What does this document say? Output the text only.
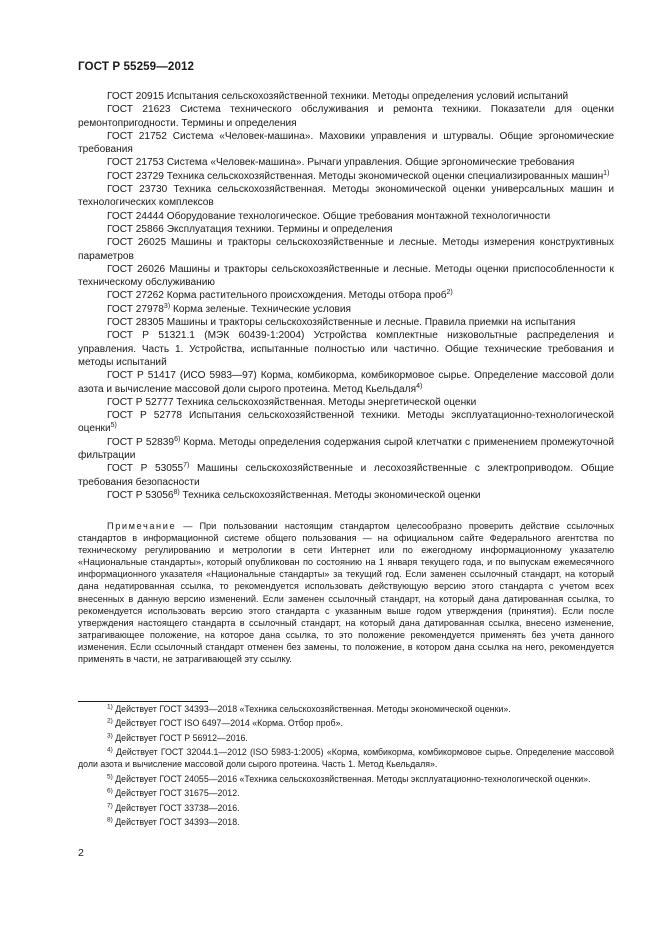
ГОСТ Р 55259—2012

ГОСТ 20915 Испытания сельскохозяйственной техники. Методы определения условий испытаний

ГОСТ 21623 Система технического обслуживания и ремонта техники. Показатели для оценки ремонтопригодности. Термины и определения

ГОСТ 21752 Система «Человек-машина». Маховики управления и штурвалы. Общие эргономические требования

ГОСТ 21753 Система «Человек-машина». Рычаги управления. Общие эргономические требования

ГОСТ 23729 Техника сельскохозяйственная. Методы экономической оценки специализированных машин$^{1)}$

ГОСТ 23730 Техника сельскохозяйственная. Методы экономической оценки универсальных машин и технологических комплексов

ГОСТ 24444 Оборудование технологическое. Общие требования монтажной технологичности

ГОСТ 25866 Эксплуатация техники. Термины и определения

ГОСТ 26025 Машины и тракторы сельскохозяйственные и лесные. Методы измерения конструктивных параметров

ГОСТ 26026 Машины и тракторы сельскохозяйственные и лесные. Методы оценки приспособленности к техническому обслуживанию

ГОСТ 27262 Корма растительного происхождения. Методы отбора проб$^{2)}$

ГОСТ 27978$^{3)}$ Корма зеленые. Технические условия

ГОСТ 28305 Машины и тракторы сельскохозяйственные и лесные. Правила приемки на испытания

ГОСТ Р 51321.1 (МЭК 60439-1:2004) Устройства комплектные низковольтные распределения и управления. Часть 1. Устройства, испытанные полностью или частично. Общие технические требования и методы испытаний

ГОСТ Р 51417 (ИСО 5983—97) Корма, комбикорма, комбикормовое сырье. Определение массовой доли азота и вычисление массовой доли сырого протеина. Метод Кьельдаля$^{4)}$

ГОСТ Р 52777 Техника сельскохозяйственная. Методы энергетической оценки

ГОСТ Р 52778 Испытания сельскохозяйственной техники. Методы эксплуатационно-технологической оценки$^{5)}$

ГОСТ Р 52839$^{6)}$ Корма. Методы определения содержания сырой клетчатки с применением промежуточной фильтрации

ГОСТ Р 53055$^{7)}$ Машины сельскохозяйственные и лесохозяйственные с электроприводом. Общие требования безопасности

ГОСТ Р 53056$^{8)}$ Техника сельскохозяйственная. Методы экономической оценки

Примечание — При пользовании настоящим стандартом целесообразно проверить действие ссылочных стандартов в информационной системе общего пользования — на официальном сайте Федерального агентства по техническому регулированию и метрологии в сети Интернет или по ежегодному информационному указателю «Национальные стандарты», который опубликован по состоянию на 1 января текущего года, и по выпускам ежемесячного информационного указателя «Национальные стандарты» за текущий год. Если заменен ссылочный стандарт, на который дана недатированная ссылка, то рекомендуется использовать действующую версию этого стандарта с учетом всех внесенных в данную версию изменений. Если заменен ссылочный стандарт, на который дана датированная ссылка, то рекомендуется использовать версию этого стандарта с указанным выше годом утверждения (принятия). Если после утверждения настоящего стандарта в ссылочный стандарт, на который дана датированная ссылка, внесено изменение, затрагивающее положение, на которое дана ссылка, то это положение рекомендуется применять без учета данного изменения. Если ссылочный стандарт отменен без замены, то положение, в котором дана ссылка на него, рекомендуется применять в части, не затрагивающей эту ссылку.

$^{1)}$ Действует ГОСТ 34393—2018 «Техника сельскохозяйственная. Методы экономической оценки».

$^{2)}$ Действует ГОСТ ISO 6497—2014 «Корма. Отбор проб».

$^{3)}$ Действует ГОСТ Р 56912—2016.

$^{4)}$ Действует ГОСТ 32044.1—2012 (ISO 5983-1:2005) «Корма, комбикорма, комбикормовое сырье. Определение массовой доли азота и вычисление массовой доли сырого протеина. Часть 1. Метод Кьельдаля».

$^{5)}$ Действует ГОСТ 24055—2016 «Техника сельскохозяйственная. Методы эксплуатационно-технологической оценки».

$^{6)}$ Действует ГОСТ 31675—2012.

$^{7)}$ Действует ГОСТ 33738—2016.

$^{8)}$ Действует ГОСТ 34393—2018.

2
